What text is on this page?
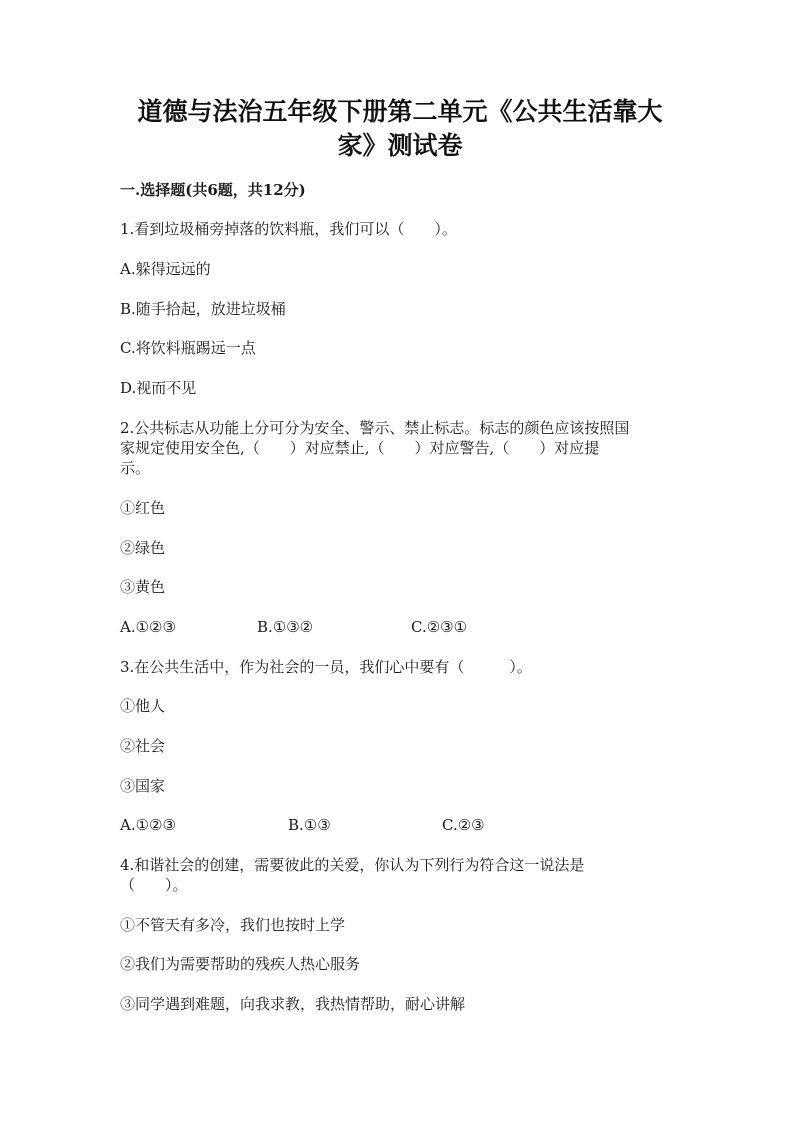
道德与法治五年级下册第二单元《公共生活靠大
家》测试卷
一.选择题(共6题，共12分)
1.看到垃圾桶旁掉落的饮料瓶，我们可以（　　）。
A.躲得远远的
B.随手拾起，放进垃圾桶
C.将饮料瓶踢远一点
D.视而不见
2.公共标志从功能上分可分为安全、警示、禁止标志。标志的颜色应该按照国
家规定使用安全色,（　　）对应禁止,（　　）对应警告,（　　）对应提
示。
①红色
②绿色
③黄色
A.①②③	B.①③②	C.②③①
3.在公共生活中，作为社会的一员，我们心中要有（　　　）。
①他人
②社会
③国家
A.①②③	B.①③	C.②③
4.和谐社会的创建，需要彼此的关爱，你认为下列行为符合这一说法是
（　　）。
①不管天有多冷，我们也按时上学
②我们为需要帮助的残疾人热心服务
③同学遇到难题，向我求教，我热情帮助，耐心讲解
